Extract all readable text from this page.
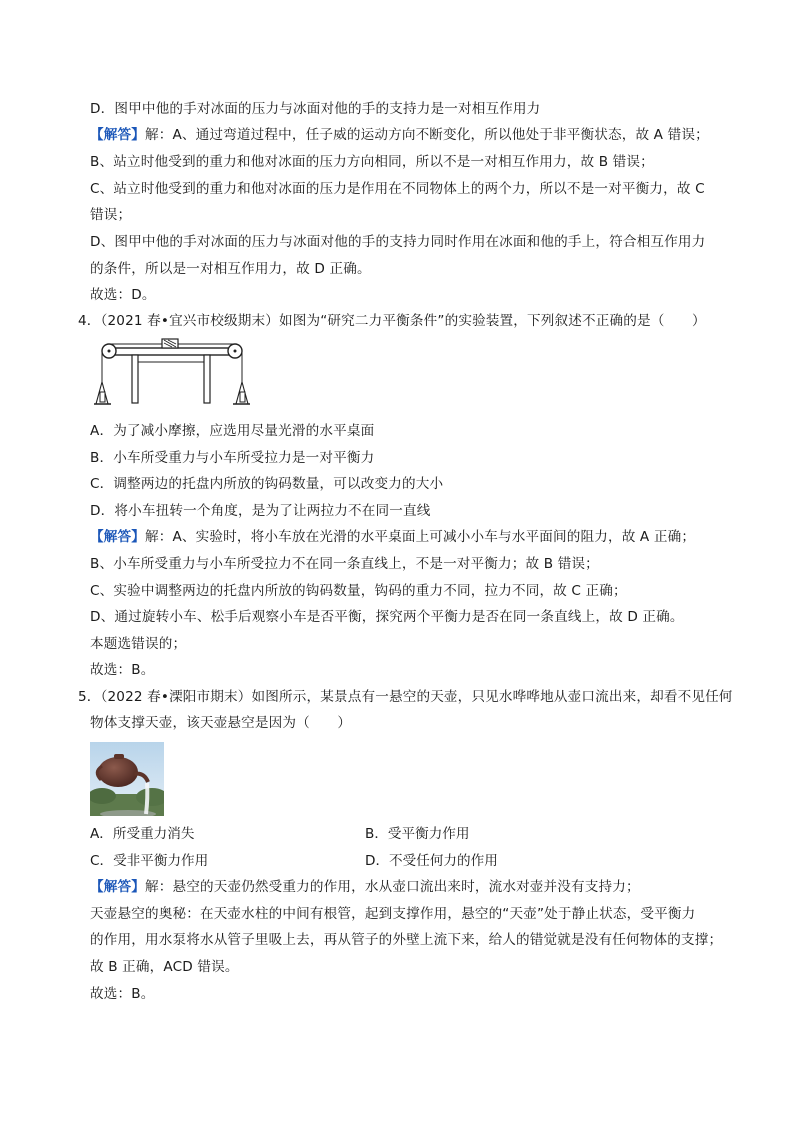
D．图甲中他的手对冰面的压力与冰面对他的手的支持力是一对相互作用力
【解答】解：A、通过弯道过程中，任子威的运动方向不断变化，所以他处于非平衡状态，故 A 错误；
B、站立时他受到的重力和他对冰面的压力方向相同，所以不是一对相互作用力，故 B 错误；
C、站立时他受到的重力和他对冰面的压力是作用在不同物体上的两个力，所以不是一对平衡力，故 C
错误；
D、图甲中他的手对冰面的压力与冰面对他的手的支持力同时作用在冰面和他的手上，符合相互作用力
的条件，所以是一对相互作用力，故 D 正确。
故选：D。
4．（2021 春•宜兴市校级期末）如图为“研究二力平衡条件”的实验装置，下列叙述不正确的是（　　）
A．为了减小摩擦，应选用尽量光滑的水平桌面
B．小车所受重力与小车所受拉力是一对平衡力
C．调整两边的托盘内所放的钩码数量，可以改变力的大小
D．将小车扭转一个角度，是为了让两拉力不在同一直线
【解答】解：A、实验时，将小车放在光滑的水平桌面上可减小小车与水平面间的阻力，故 A 正确；
B、小车所受重力与小车所受拉力不在同一条直线上，不是一对平衡力；故 B 错误；
C、实验中调整两边的托盘内所放的钩码数量，钩码的重力不同，拉力不同，故 C 正确；
D、通过旋转小车、松手后观察小车是否平衡，探究两个平衡力是否在同一条直线上，故 D 正确。
本题选错误的；
故选：B。
5．（2022 春•溧阳市期末）如图所示，某景点有一悬空的天壶，只见水哗哗地从壶口流出来，却看不见任何
物体支撑天壶，该天壶悬空是因为（　　）
A．所受重力消失	B．受平衡力作用
C．受非平衡力作用	D．不受任何力的作用
【解答】解：悬空的天壶仍然受重力的作用，水从壶口流出来时，流水对壶并没有支持力；
天壶悬空的奥秘：在天壶水柱的中间有根管，起到支撑作用，悬空的“天壶”处于静止状态，受平衡力
的作用，用水泵将水从管子里吸上去，再从管子的外壁上流下来，给人的错觉就是没有任何物体的支撑；
故 B 正确，ACD 错误。
故选：B。
